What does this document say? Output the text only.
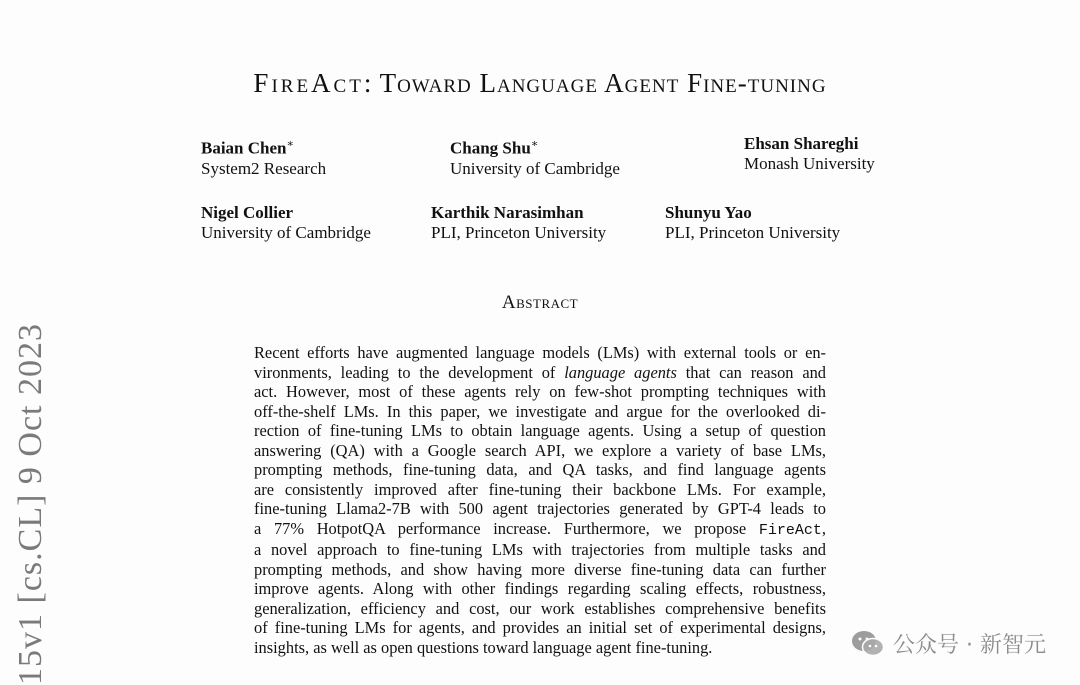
FireAct: Toward Language Agent Fine-tuning
Baian Chen∗
System2 Research
Chang Shu∗
University of Cambridge
Ehsan Shareghi
Monash University
Nigel Collier
University of Cambridge
Karthik Narasimhan
PLI, Princeton University
Shunyu Yao
PLI, Princeton University
Abstract
Recent efforts have augmented language models (LMs) with external tools or en-
vironments, leading to the development of language agents that can reason and
act. However, most of these agents rely on few-shot prompting techniques with
off-the-shelf LMs. In this paper, we investigate and argue for the overlooked di-
rection of fine-tuning LMs to obtain language agents. Using a setup of question
answering (QA) with a Google search API, we explore a variety of base LMs,
prompting methods, fine-tuning data, and QA tasks, and find language agents
are consistently improved after fine-tuning their backbone LMs. For example,
fine-tuning Llama2-7B with 500 agent trajectories generated by GPT-4 leads to
a 77% HotpotQA performance increase. Furthermore, we propose FireAct,
a novel approach to fine-tuning LMs with trajectories from multiple tasks and
prompting methods, and show having more diverse fine-tuning data can further
improve agents. Along with other findings regarding scaling effects, robustness,
generalization, efficiency and cost, our work establishes comprehensive benefits
of fine-tuning LMs for agents, and provides an initial set of experimental designs,
insights, as well as open questions toward language agent fine-tuning.
15v1 [cs.CL] 9 Oct 2023	公众号 · 新智元
